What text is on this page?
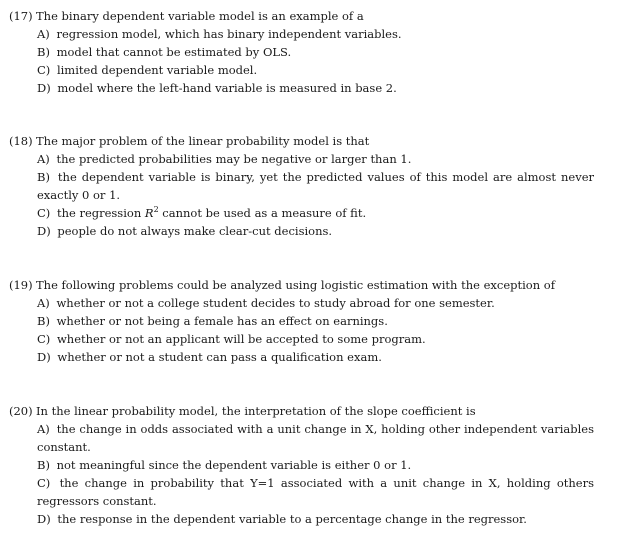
(17) The binary dependent variable model is an example of a
A) regression model, which has binary independent variables.
B) model that cannot be estimated by OLS.
C) limited dependent variable model.
D) model where the left-hand variable is measured in base 2.
(18) The major problem of the linear probability model is that
A) the predicted probabilities may be negative or larger than 1.
B) the dependent variable is binary, yet the predicted values of this model are almost never exactly 0 or 1.
C) the regression $R^2$ cannot be used as a measure of fit.
D) people do not always make clear-cut decisions.
(19) The following problems could be analyzed using logistic estimation with the exception of
A) whether or not a college student decides to study abroad for one semester.
B) whether or not being a female has an effect on earnings.
C) whether or not an applicant will be accepted to some program.
D) whether or not a student can pass a qualification exam.
(20) In the linear probability model, the interpretation of the slope coefficient is
A) the change in odds associated with a unit change in X, holding other independent variables constant.
B) not meaningful since the dependent variable is either 0 or 1.
C) the change in probability that Y=1 associated with a unit change in X, holding others regressors constant.
D) the response in the dependent variable to a percentage change in the regressor.
